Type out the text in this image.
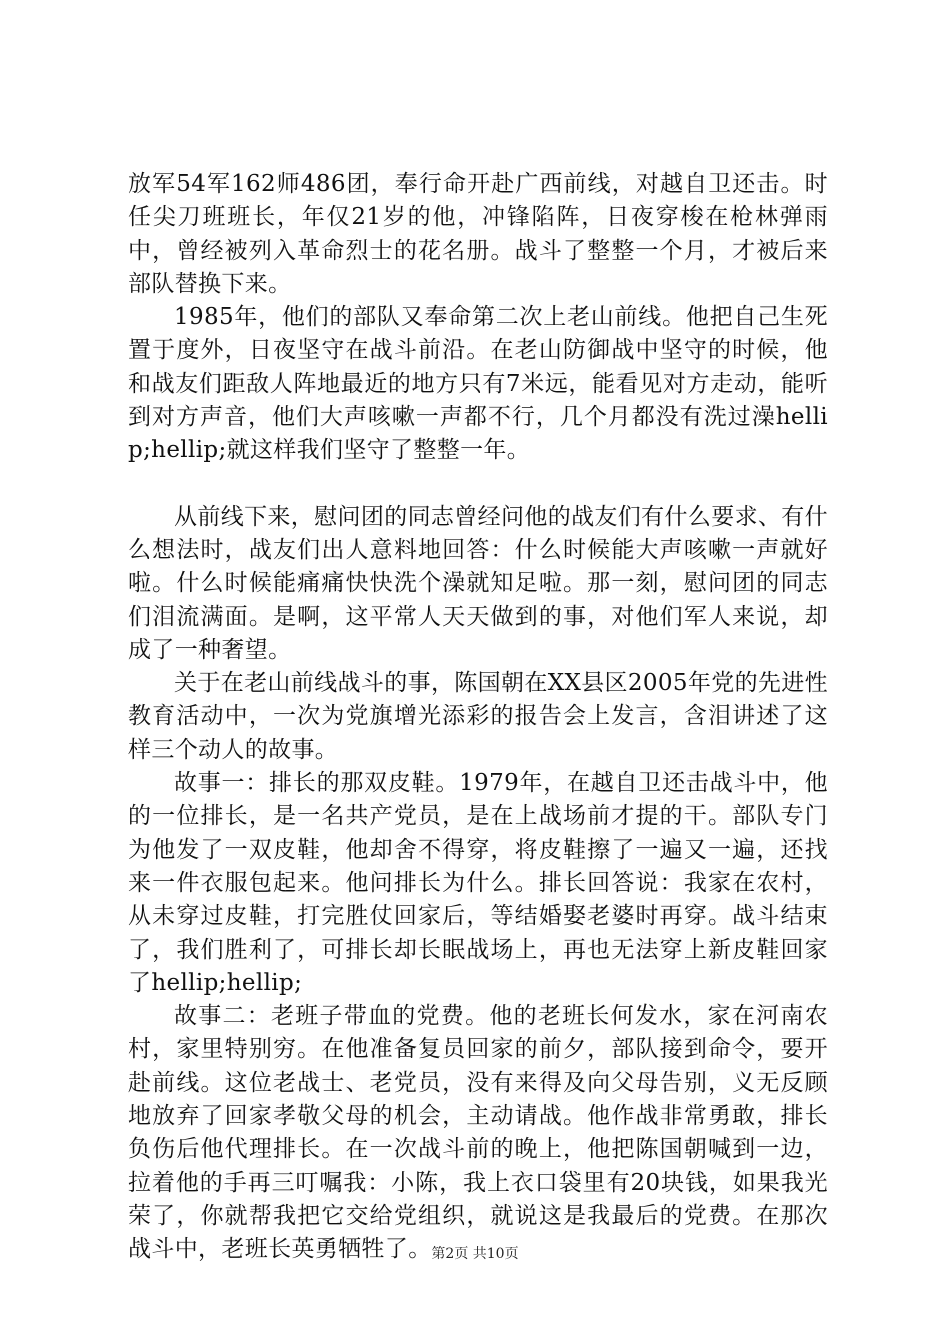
放军54军162师486团，奉行命开赴广西前线，对越自卫还击。时任尖刀班班长，年仅21岁的他，冲锋陷阵，日夜穿梭在枪林弹雨中，曾经被列入革命烈士的花名册。战斗了整整一个月，才被后来部队替换下来。

1985年，他们的部队又奉命第二次上老山前线。他把自己生死置于度外，日夜坚守在战斗前沿。在老山防御战中坚守的时候，他和战友们距敌人阵地最近的地方只有7米远，能看见对方走动，能听到对方声音，他们大声咳嗽一声都不行，几个月都没有洗过澡hellip;hellip;就这样我们坚守了整整一年。

从前线下来，慰问团的同志曾经问他的战友们有什么要求、有什么想法时，战友们出人意料地回答：什么时候能大声咳嗽一声就好啦。什么时候能痛痛快快洗个澡就知足啦。那一刻，慰问团的同志们泪流满面。是啊，这平常人天天做到的事，对他们军人来说，却成了一种奢望。

关于在老山前线战斗的事，陈国朝在XX县区2005年党的先进性教育活动中，一次为党旗增光添彩的报告会上发言，含泪讲述了这样三个动人的故事。

故事一：排长的那双皮鞋。1979年，在越自卫还击战斗中，他的一位排长，是一名共产党员，是在上战场前才提的干。部队专门为他发了一双皮鞋，他却舍不得穿，将皮鞋擦了一遍又一遍，还找来一件衣服包起来。他问排长为什么。排长回答说：我家在农村，从未穿过皮鞋，打完胜仗回家后，等结婚娶老婆时再穿。战斗结束了，我们胜利了，可排长却长眠战场上，再也无法穿上新皮鞋回家了hellip;hellip;

故事二：老班子带血的党费。他的老班长何发水，家在河南农村，家里特别穷。在他准备复员回家的前夕，部队接到命令，要开赴前线。这位老战士、老党员，没有来得及向父母告别，义无反顾地放弃了回家孝敬父母的机会，主动请战。他作战非常勇敢，排长负伤后他代理排长。在一次战斗前的晚上，他把陈国朝喊到一边，拉着他的手再三叮嘱我：小陈，我上衣口袋里有20块钱，如果我光荣了，你就帮我把它交给党组织，就说这是我最后的党费。在那次战斗中，老班长英勇牺牲了。 第2页 共10页
